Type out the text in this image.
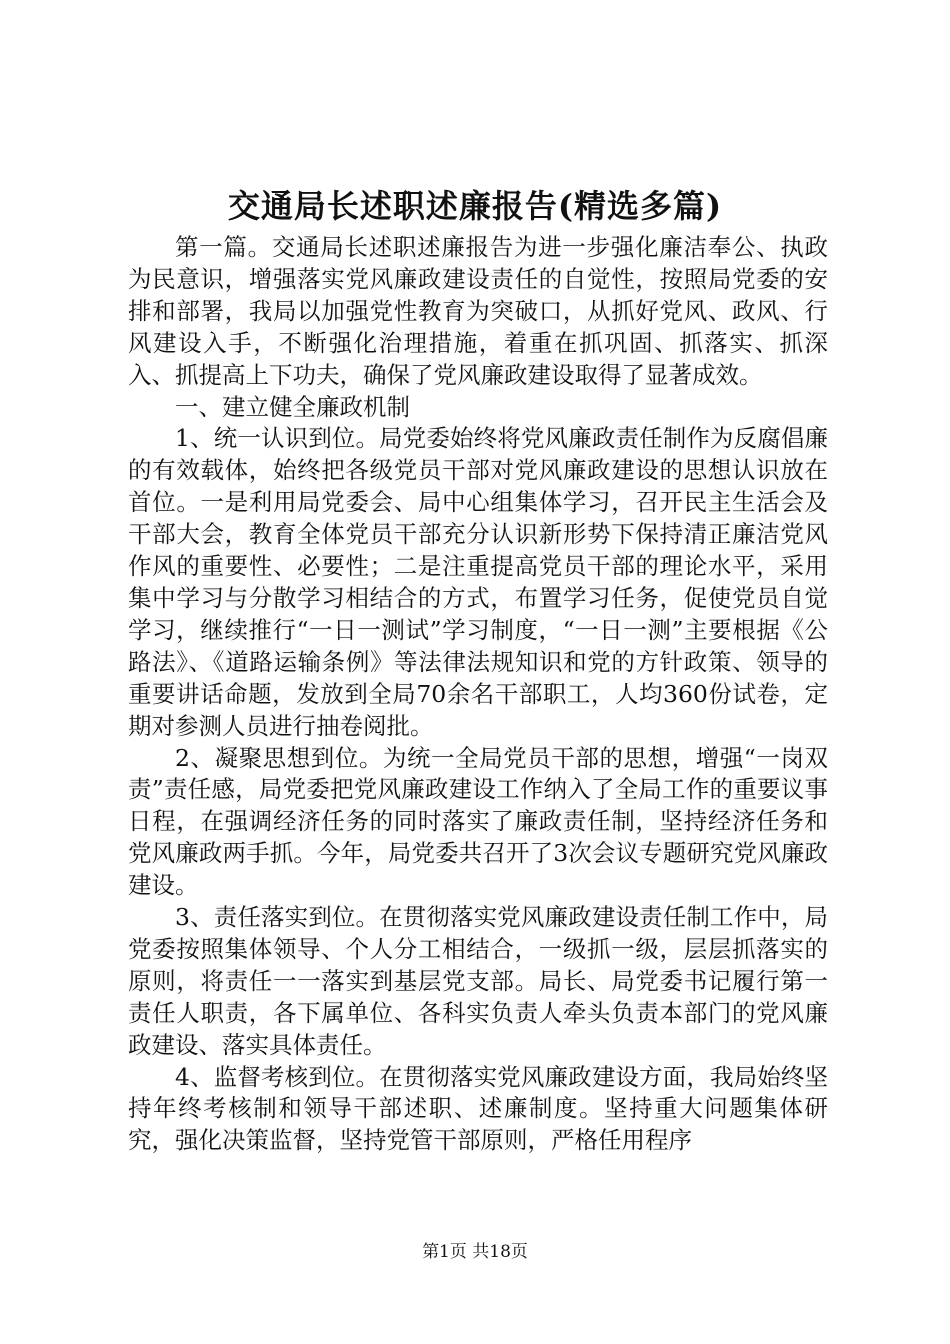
交通局长述职述廉报告(精选多篇)

第一篇。交通局长述职述廉报告为进一步强化廉洁奉公、执政为民意识，增强落实党风廉政建设责任的自觉性，按照局党委的安排和部署，我局以加强党性教育为突破口，从抓好党风、政风、行风建设入手，不断强化治理措施，着重在抓巩固、抓落实、抓深入、抓提高上下功夫，确保了党风廉政建设取得了显著成效。

一、建立健全廉政机制

1、统一认识到位。局党委始终将党风廉政责任制作为反腐倡廉的有效载体，始终把各级党员干部对党风廉政建设的思想认识放在首位。一是利用局党委会、局中心组集体学习，召开民主生活会及干部大会，教育全体党员干部充分认识新形势下保持清正廉洁党风作风的重要性、必要性；二是注重提高党员干部的理论水平，采用集中学习与分散学习相结合的方式，布置学习任务，促使党员自觉学习，继续推行“一日一测试”学习制度，“一日一测”主要根据《公路法》、《道路运输条例》等法律法规知识和党的方针政策、领导的重要讲话命题，发放到全局70余名干部职工，人均360份试卷，定期对参测人员进行抽卷阅批。

2、凝聚思想到位。为统一全局党员干部的思想，增强“一岗双责”责任感，局党委把党风廉政建设工作纳入了全局工作的重要议事日程，在强调经济任务的同时落实了廉政责任制，坚持经济任务和党风廉政两手抓。今年，局党委共召开了3次会议专题研究党风廉政建设。

3、责任落实到位。在贯彻落实党风廉政建设责任制工作中，局党委按照集体领导、个人分工相结合，一级抓一级，层层抓落实的原则，将责任一一落实到基层党支部。局长、局党委书记履行第一责任人职责，各下属单位、各科实负责人牵头负责本部门的党风廉政建设、落实具体责任。

4、监督考核到位。在贯彻落实党风廉政建设方面，我局始终坚持年终考核制和领导干部述职、述廉制度。坚持重大问题集体研究，强化决策监督，坚持党管干部原则，严格任用程序

第1页 共18页
